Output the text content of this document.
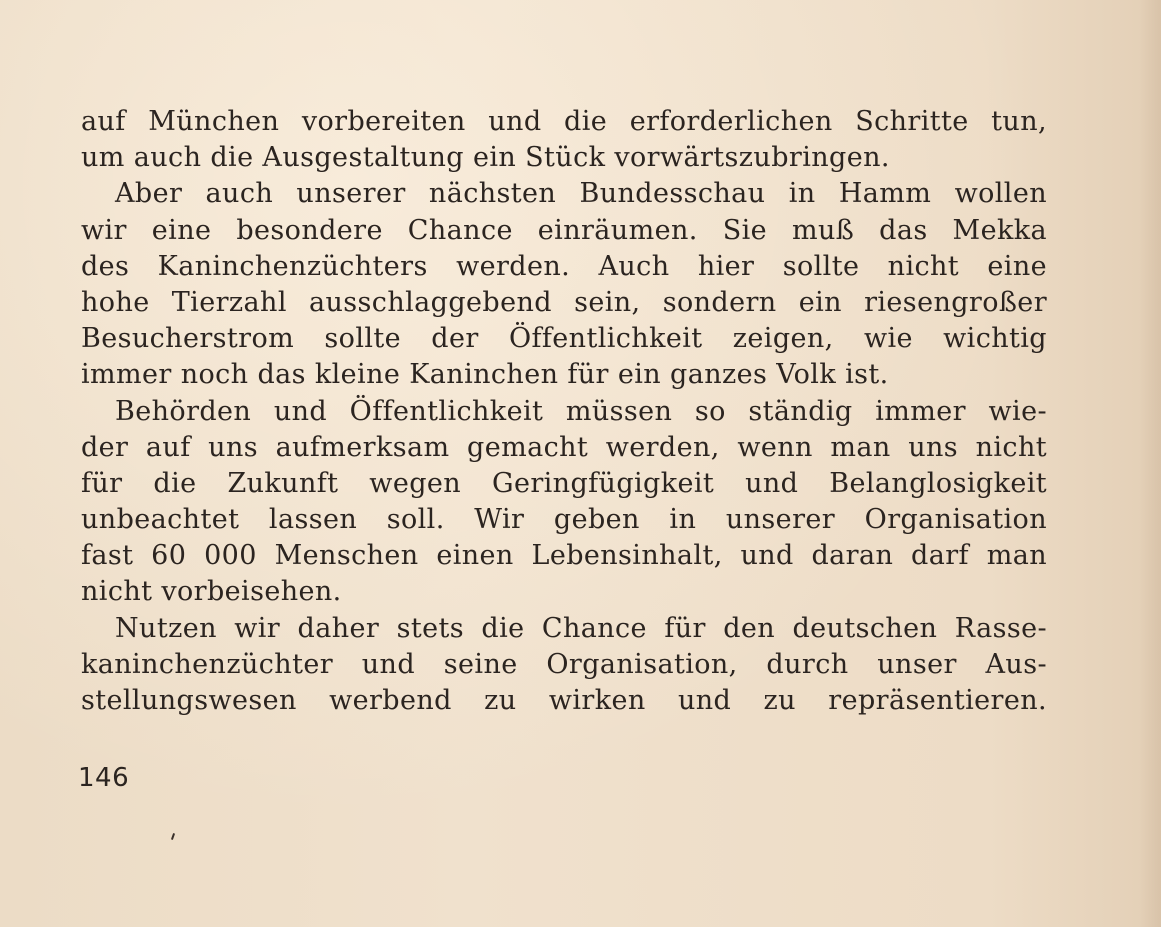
auf München vorbereiten und die erforderlichen Schritte tun,
um auch die Ausgestaltung ein Stück vorwärtszubringen.
Aber auch unserer nächsten Bundesschau in Hamm wollen
wir eine besondere Chance einräumen. Sie muß das Mekka
des Kaninchenzüchters werden. Auch hier sollte nicht eine
hohe Tierzahl ausschlaggebend sein, sondern ein riesengroßer
Besucherstrom sollte der Öffentlichkeit zeigen, wie wichtig
immer noch das kleine Kaninchen für ein ganzes Volk ist.
Behörden und Öffentlichkeit müssen so ständig immer wie-
der auf uns aufmerksam gemacht werden, wenn man uns nicht
für die Zukunft wegen Geringfügigkeit und Belanglosigkeit
unbeachtet lassen soll. Wir geben in unserer Organisation
fast 60 000 Menschen einen Lebensinhalt, und daran darf man
nicht vorbeisehen.
Nutzen wir daher stets die Chance für den deutschen Rasse-
kaninchenzüchter und seine Organisation, durch unser Aus-
stellungswesen werbend zu wirken und zu repräsentieren.
146
